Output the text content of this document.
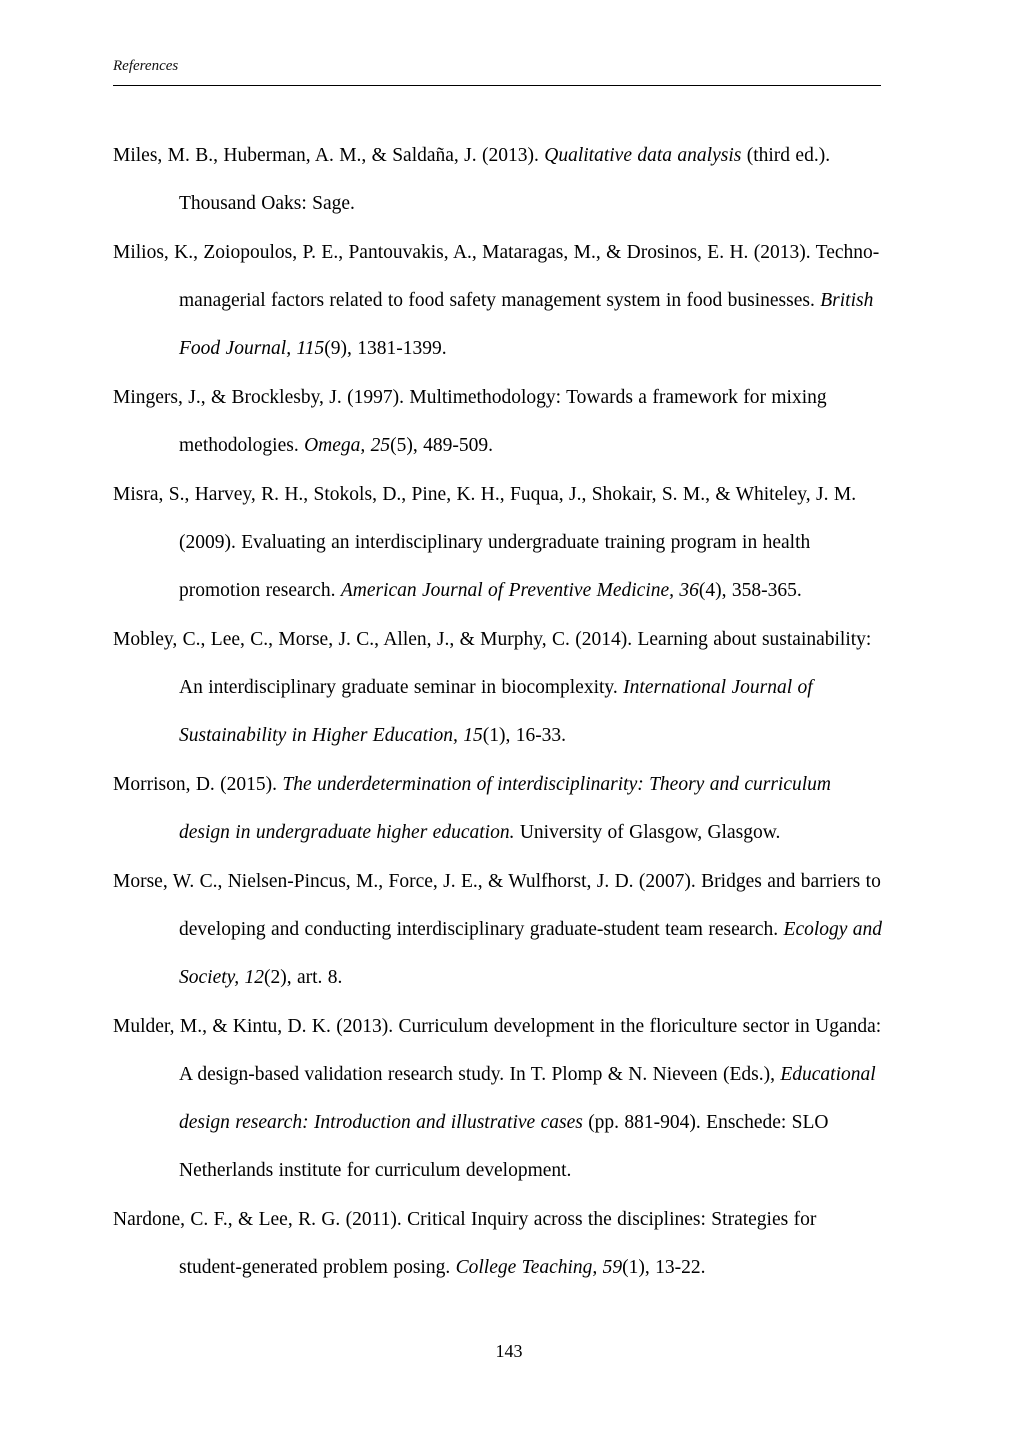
References

Miles, M. B., Huberman, A. M., & Saldaña, J. (2013). Qualitative data analysis (third ed.). Thousand Oaks: Sage.

Milios, K., Zoiopoulos, P. E., Pantouvakis, A., Mataragas, M., & Drosinos, E. H. (2013). Techno-managerial factors related to food safety management system in food businesses. British Food Journal, 115(9), 1381-1399.

Mingers, J., & Brocklesby, J. (1997). Multimethodology: Towards a framework for mixing methodologies. Omega, 25(5), 489-509.

Misra, S., Harvey, R. H., Stokols, D., Pine, K. H., Fuqua, J., Shokair, S. M., & Whiteley, J. M. (2009). Evaluating an interdisciplinary undergraduate training program in health promotion research. American Journal of Preventive Medicine, 36(4), 358-365.

Mobley, C., Lee, C., Morse, J. C., Allen, J., & Murphy, C. (2014). Learning about sustainability: An interdisciplinary graduate seminar in biocomplexity. International Journal of Sustainability in Higher Education, 15(1), 16-33.

Morrison, D. (2015). The underdetermination of interdisciplinarity: Theory and curriculum design in undergraduate higher education. University of Glasgow, Glasgow.

Morse, W. C., Nielsen-Pincus, M., Force, J. E., & Wulfhorst, J. D. (2007). Bridges and barriers to developing and conducting interdisciplinary graduate-student team research. Ecology and Society, 12(2), art. 8.

Mulder, M., & Kintu, D. K. (2013). Curriculum development in the floriculture sector in Uganda: A design-based validation research study. In T. Plomp & N. Nieveen (Eds.), Educational design research: Introduction and illustrative cases (pp. 881-904). Enschede: SLO Netherlands institute for curriculum development.

Nardone, C. F., & Lee, R. G. (2011). Critical Inquiry across the disciplines: Strategies for student-generated problem posing. College Teaching, 59(1), 13-22.

143
